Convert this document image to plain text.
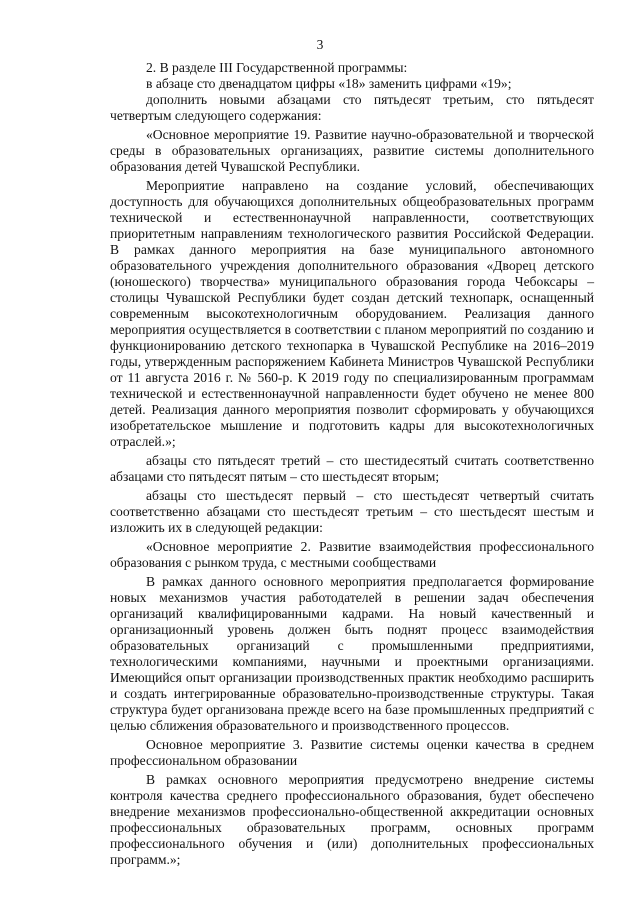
3

2. В разделе III Государственной программы:

в абзаце сто двенадцатом цифры «18» заменить цифрами «19»;

дополнить новыми абзацами сто пятьдесят третьим, сто пятьдесят четвертым следующего содержания:

«Основное мероприятие 19. Развитие научно-образовательной и творческой среды в образовательных организациях, развитие системы дополнительного образования детей Чувашской Республики.

Мероприятие направлено на создание условий, обеспечивающих доступность для обучающихся дополнительных общеобразовательных программ технической и естественнонаучной направленности, соответствующих приоритетным направлениям технологического развития Российской Федерации. В рамках данного мероприятия на базе муниципального автономного образовательного учреждения дополнительного образования «Дворец детского (юношеского) творчества» муниципального образования города Чебоксары – столицы Чувашской Республики будет создан детский технопарк, оснащенный современным высокотехнологичным оборудованием. Реализация данного мероприятия осуществляется в соответствии с планом мероприятий по созданию и функционированию детского технопарка в Чувашской Республике на 2016–2019 годы, утвержденным распоряжением Кабинета Министров Чувашской Республики от 11 августа 2016 г. № 560-р. К 2019 году по специализированным программам технической и естественнонаучной направленности будет обучено не менее 800 детей. Реализация данного мероприятия позволит сформировать у обучающихся изобретательское мышление и подготовить кадры для высокотехнологичных отраслей.»;

абзацы сто пятьдесят третий – сто шестидесятый считать соответственно абзацами сто пятьдесят пятым – сто шестьдесят вторым;

абзацы сто шестьдесят первый – сто шестьдесят четвертый считать соответственно абзацами сто шестьдесят третьим – сто шестьдесят шестым и изложить их в следующей редакции:

«Основное мероприятие 2. Развитие взаимодействия профессионального образования с рынком труда, с местными сообществами

В рамках данного основного мероприятия предполагается формирование новых механизмов участия работодателей в решении задач обеспечения организаций квалифицированными кадрами. На новый качественный и организационный уровень должен быть поднят процесс взаимодействия образовательных организаций с промышленными предприятиями, технологическими компаниями, научными и проектными организациями. Имеющийся опыт организации производственных практик необходимо расширить и создать интегрированные образовательно-производственные структуры. Такая структура будет организована прежде всего на базе промышленных предприятий с целью сближения образовательного и производственного процессов.

Основное мероприятие 3. Развитие системы оценки качества в среднем профессиональном образовании

В рамках основного мероприятия предусмотрено внедрение системы контроля качества среднего профессионального образования, будет обеспечено внедрение механизмов профессионально-общественной аккредитации основных профессиональных образовательных программ, основных программ профессионального обучения и (или) дополнительных профессиональных программ.»;
